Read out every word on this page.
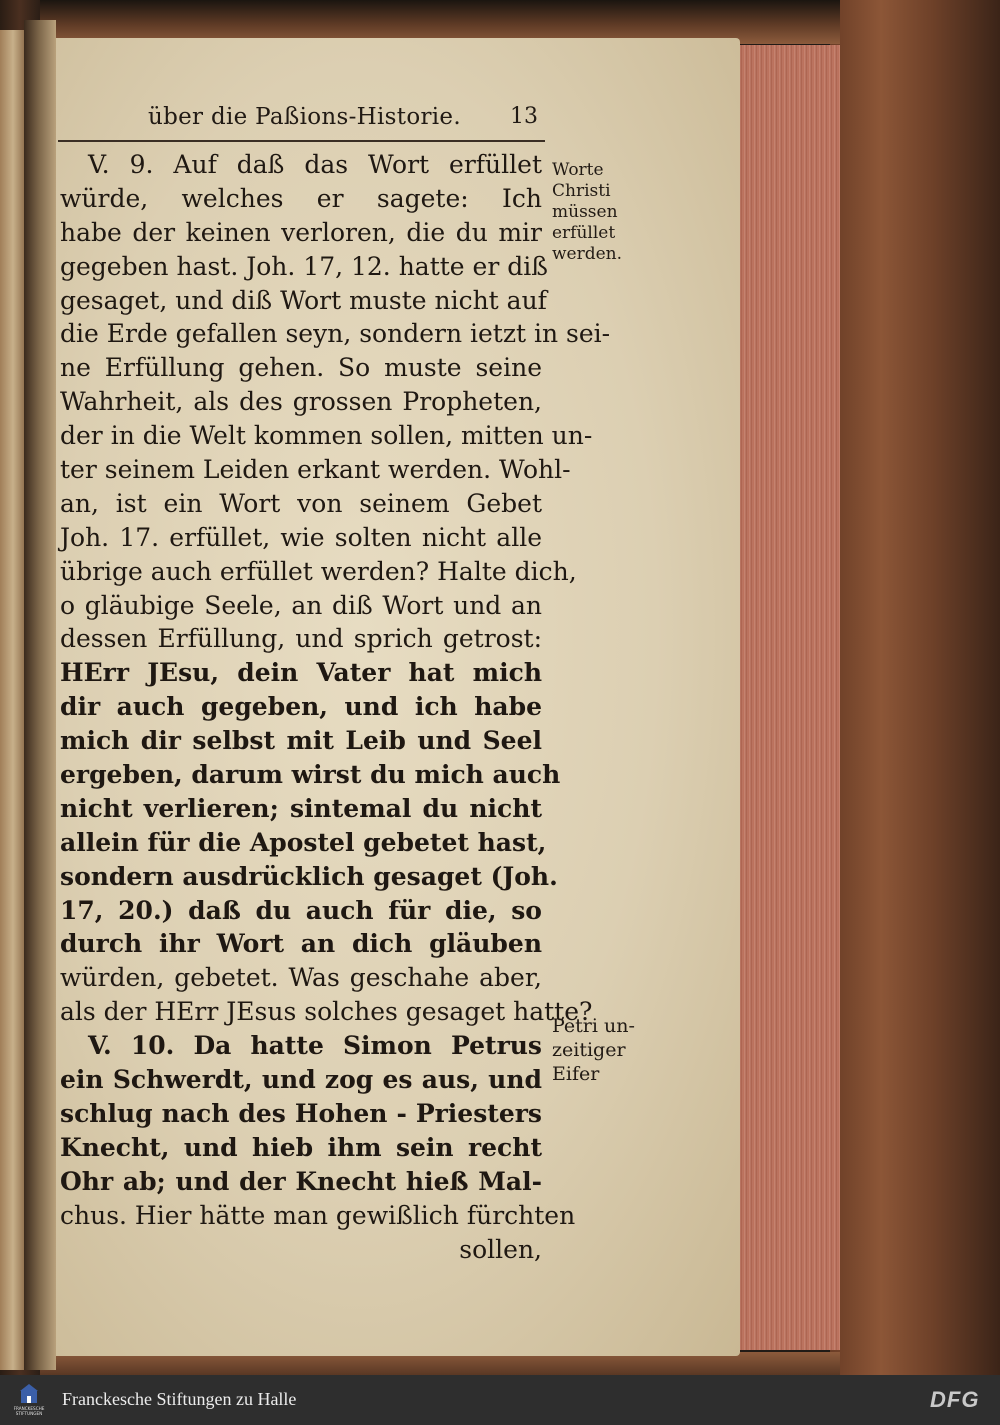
über die Paßions-Historie. 13
V. 9. Auf daß das Wort erfüllet
würde, welches er sagete: Ich
habe der keinen verloren, die du mir
gegeben hast. Joh. 17, 12. hatte er diß
gesaget, und diß Wort muste nicht auf
die Erde gefallen seyn, sondern ietzt in sei-
ne Erfüllung gehen. So muste seine
Wahrheit, als des grossen Propheten,
der in die Welt kommen sollen, mitten un-
ter seinem Leiden erkant werden. Wohl-
an, ist ein Wort von seinem Gebet
Joh. 17. erfüllet, wie solten nicht alle
übrige auch erfüllet werden? Halte dich,
o gläubige Seele, an diß Wort und an
dessen Erfüllung, und sprich getrost:
HErr JEsu, dein Vater hat mich
dir auch gegeben, und ich habe
mich dir selbst mit Leib und Seel
ergeben, darum wirst du mich auch
nicht verlieren; sintemal du nicht
allein für die Apostel gebetet hast,
sondern ausdrücklich gesaget (Joh.
17, 20.) daß du auch für die, so
durch ihr Wort an dich gläuben
würden, gebetet. Was geschahe aber,
als der HErr JEsus solches gesaget hatte?
V. 10. Da hatte Simon Petrus
ein Schwerdt, und zog es aus, und
schlug nach des Hohen - Priesters
Knecht, und hieb ihm sein recht
Ohr ab; und der Knecht hieß Mal-
chus. Hier hätte man gewißlich fürchten
sollen,
Worte
Christi
müssen
erfüllet
werden.
Petri un-
zeitiger
Eifer
FRANCKESCHE
STIFTUNGEN
Franckesche Stiftungen zu Halle	DFG
